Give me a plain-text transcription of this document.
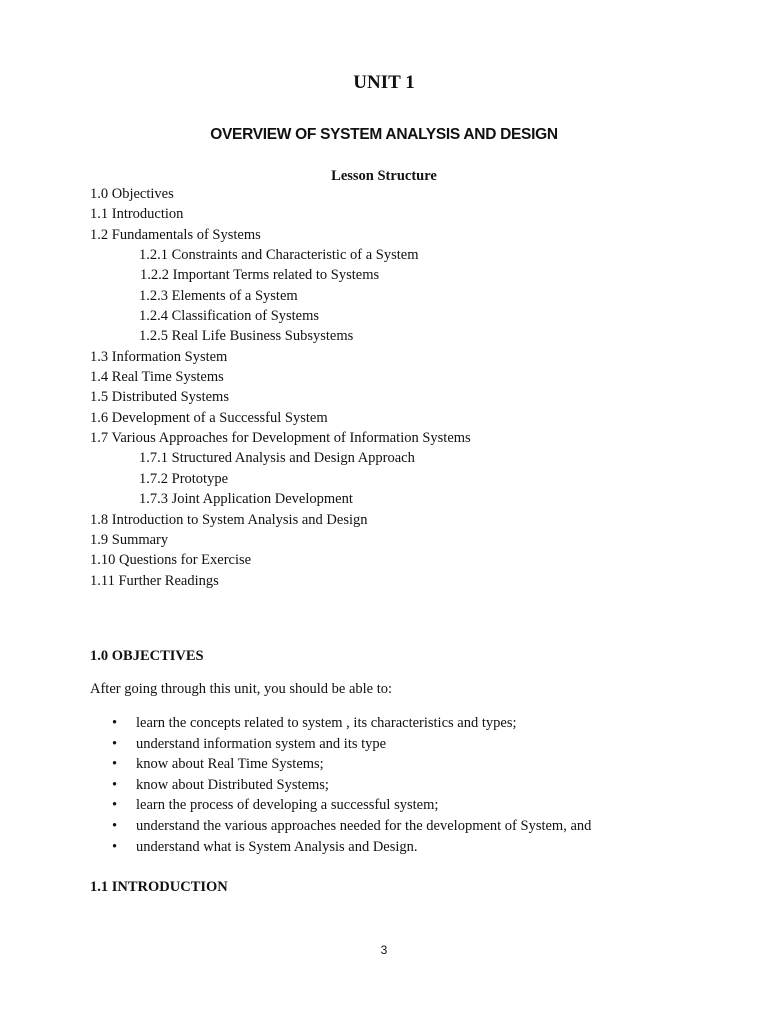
UNIT 1
OVERVIEW OF SYSTEM ANALYSIS AND DESIGN
Lesson Structure
1.0 Objectives
1.1 Introduction
1.2 Fundamentals of Systems
1.2.1 Constraints and Characteristic of a System
1.2.2 Important Terms related to Systems
1.2.3 Elements of a System
1.2.4 Classification of Systems
1.2.5 Real Life Business Subsystems
1.3 Information System
1.4 Real Time Systems
1.5 Distributed Systems
1.6 Development of a Successful System
1.7 Various Approaches for Development of Information Systems
1.7.1 Structured Analysis and Design Approach
1.7.2 Prototype
1.7.3 Joint Application Development
1.8 Introduction to System Analysis and Design
1.9 Summary
1.10 Questions for Exercise
1.11 Further Readings
1.0 OBJECTIVES
After going through this unit, you should be able to:
• learn the concepts related to system , its characteristics and types;
• understand information system and its type
• know about Real Time Systems;
• know about Distributed Systems;
• learn the process of developing a successful system;
• understand the various approaches needed for the development of System, and
• understand what is System Analysis and Design.
1.1 INTRODUCTION
3
